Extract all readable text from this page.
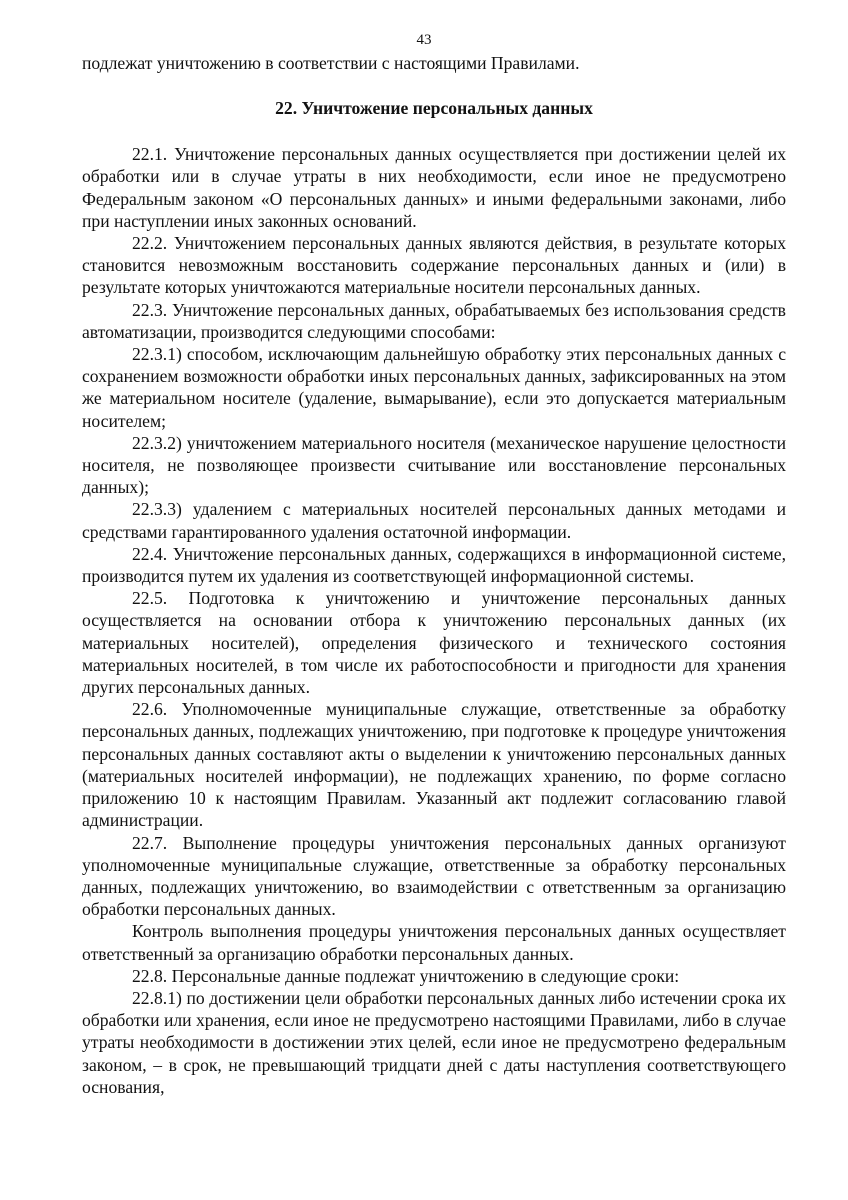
43

подлежат уничтожению в соответствии с настоящими Правилами.

22. Уничтожение персональных данных

22.1. Уничтожение персональных данных осуществляется при достижении целей их обработки или в случае утраты в них необходимости, если иное не предусмотрено Федеральным законом «О персональных данных» и иными федеральными законами, либо при наступлении иных законных оснований.

22.2. Уничтожением персональных данных являются действия, в результате которых становится невозможным восстановить содержание персональных данных и (или) в результате которых уничтожаются материальные носители персональных данных.

22.3. Уничтожение персональных данных, обрабатываемых без использования средств автоматизации, производится следующими способами:

22.3.1) способом, исключающим дальнейшую обработку этих персональных данных с сохранением возможности обработки иных персональных данных, зафиксированных на этом же материальном носителе (удаление, вымарывание), если это допускается материальным носителем;

22.3.2) уничтожением материального носителя (механическое нарушение целостности носителя, не позволяющее произвести считывание или восстановление персональных данных);

22.3.3) удалением с материальных носителей персональных данных методами и средствами гарантированного удаления остаточной информации.

22.4. Уничтожение персональных данных, содержащихся в информационной системе, производится путем их удаления из соответствующей информационной системы.

22.5. Подготовка к уничтожению и уничтожение персональных данных осуществляется на основании отбора к уничтожению персональных данных (их материальных носителей), определения физического и технического состояния материальных носителей, в том числе их работоспособности и пригодности для хранения других персональных данных.

22.6. Уполномоченные муниципальные служащие, ответственные за обработку персональных данных, подлежащих уничтожению, при подготовке к процедуре уничтожения персональных данных составляют акты о выделении к уничтожению персональных данных (материальных носителей информации), не подлежащих хранению, по форме согласно приложению 10 к настоящим Правилам. Указанный акт подлежит согласованию главой администрации.

22.7. Выполнение процедуры уничтожения персональных данных организуют уполномоченные муниципальные служащие, ответственные за обработку персональных данных, подлежащих уничтожению, во взаимодействии с ответственным за организацию обработки персональных данных.

Контроль выполнения процедуры уничтожения персональных данных осуществляет ответственный за организацию обработки персональных данных.

22.8. Персональные данные подлежат уничтожению в следующие сроки:

22.8.1) по достижении цели обработки персональных данных либо истечении срока их обработки или хранения, если иное не предусмотрено настоящими Правилами, либо в случае утраты необходимости в достижении этих целей, если иное не предусмотрено федеральным законом, – в срок, не превышающий тридцати дней с даты наступления соответствующего основания,
